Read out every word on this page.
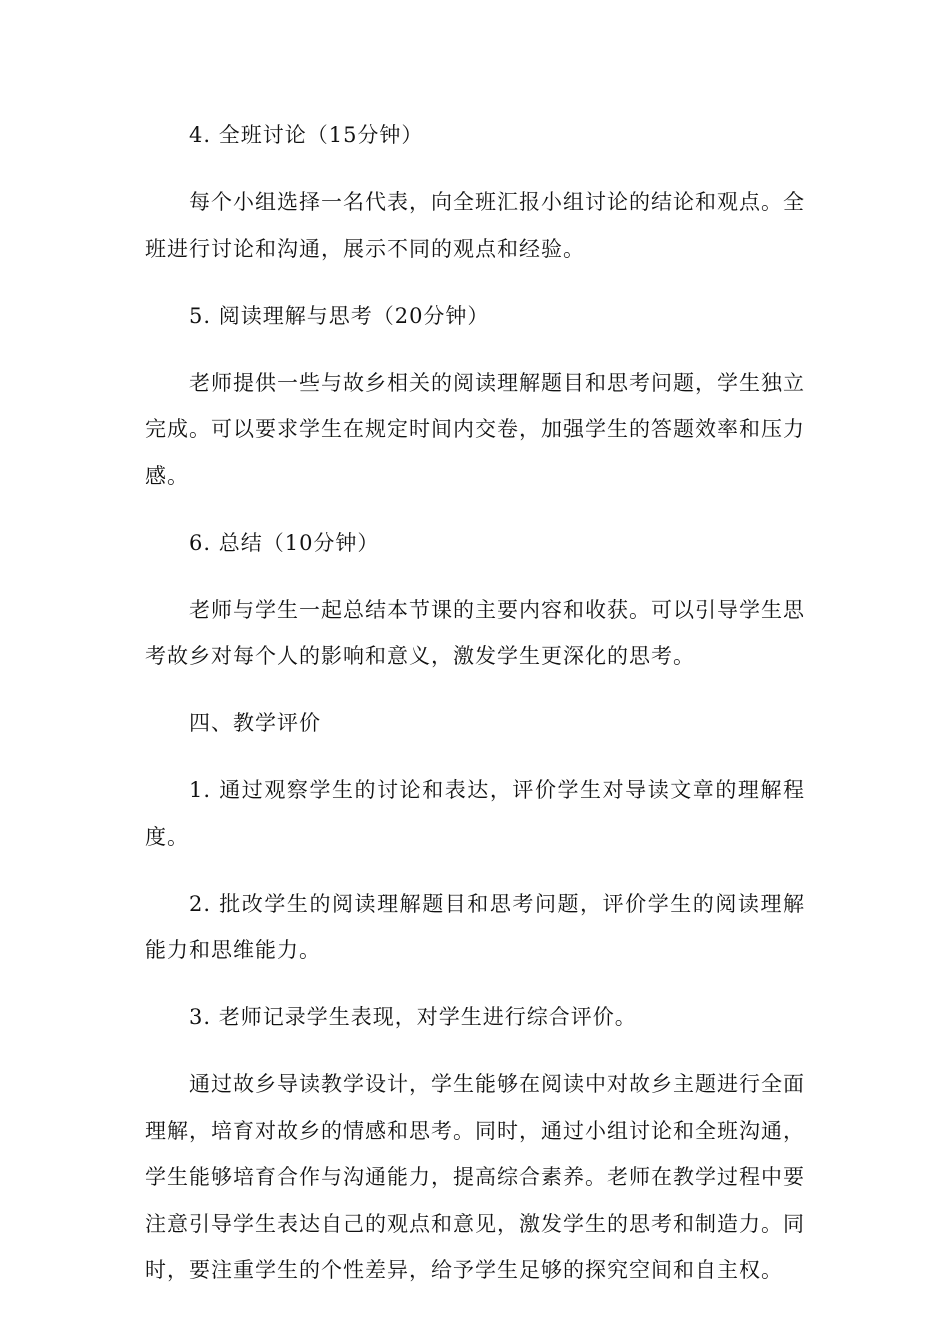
4. 全班讨论（15分钟）

每个小组选择一名代表，向全班汇报小组讨论的结论和观点。全班进行讨论和沟通，展示不同的观点和经验。

5. 阅读理解与思考（20分钟）

老师提供一些与故乡相关的阅读理解题目和思考问题，学生独立完成。可以要求学生在规定时间内交卷，加强学生的答题效率和压力感。

6. 总结（10分钟）

老师与学生一起总结本节课的主要内容和收获。可以引导学生思考故乡对每个人的影响和意义，激发学生更深化的思考。

四、教学评价

1. 通过观察学生的讨论和表达，评价学生对导读文章的理解程度。

2. 批改学生的阅读理解题目和思考问题，评价学生的阅读理解能力和思维能力。

3. 老师记录学生表现，对学生进行综合评价。

通过故乡导读教学设计，学生能够在阅读中对故乡主题进行全面理解，培育对故乡的情感和思考。同时，通过小组讨论和全班沟通，学生能够培育合作与沟通能力，提高综合素养。老师在教学过程中要注意引导学生表达自己的观点和意见，激发学生的思考和制造力。同时，要注重学生的个性差异，给予学生足够的探究空间和自主权。
